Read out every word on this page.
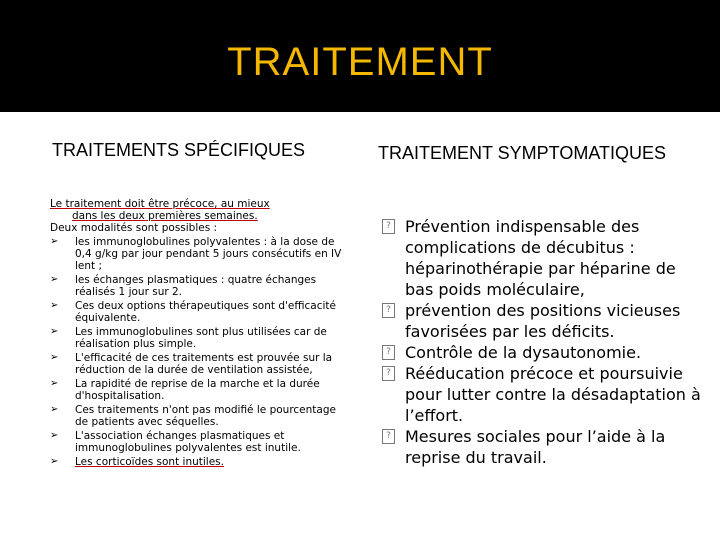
TRAITEMENT
TRAITEMENTS SPÉCIFIQUES	TRAITEMENT SYMPTOMATIQUES
Le traitement doit être précoce, au mieux
dans les deux premières semaines.
Deux modalités sont possibles :
➢ les immunoglobulines polyvalentes : à la dose de 0,4 g/kg par jour pendant 5 jours consécutifs en IV lent ;
➢ les échanges plasmatiques : quatre échanges réalisés 1 jour sur 2.
➢ Ces deux options thérapeutiques sont d'efficacité équivalente.
➢ Les immunoglobulines sont plus utilisées car de réalisation plus simple.
➢ L'efficacité de ces traitements est prouvée sur la réduction de la durée de ventilation assistée,
➢ La rapidité de reprise de la marche et la durée d'hospitalisation.
➢ Ces traitements n'ont pas modifié le pourcentage de patients avec séquelles.
➢ L'association échanges plasmatiques et immunoglobulines polyvalentes est inutile.
➢ Les corticoïdes sont inutiles.
? Prévention indispensable des complications de décubitus : héparinothérapie par héparine de bas poids moléculaire,
? prévention des positions vicieuses favorisées par les déficits.
? Contrôle de la dysautonomie.
? Rééducation précoce et poursuivie pour lutter contre la désadaptation à l’effort.
? Mesures sociales pour l’aide à la reprise du travail.
